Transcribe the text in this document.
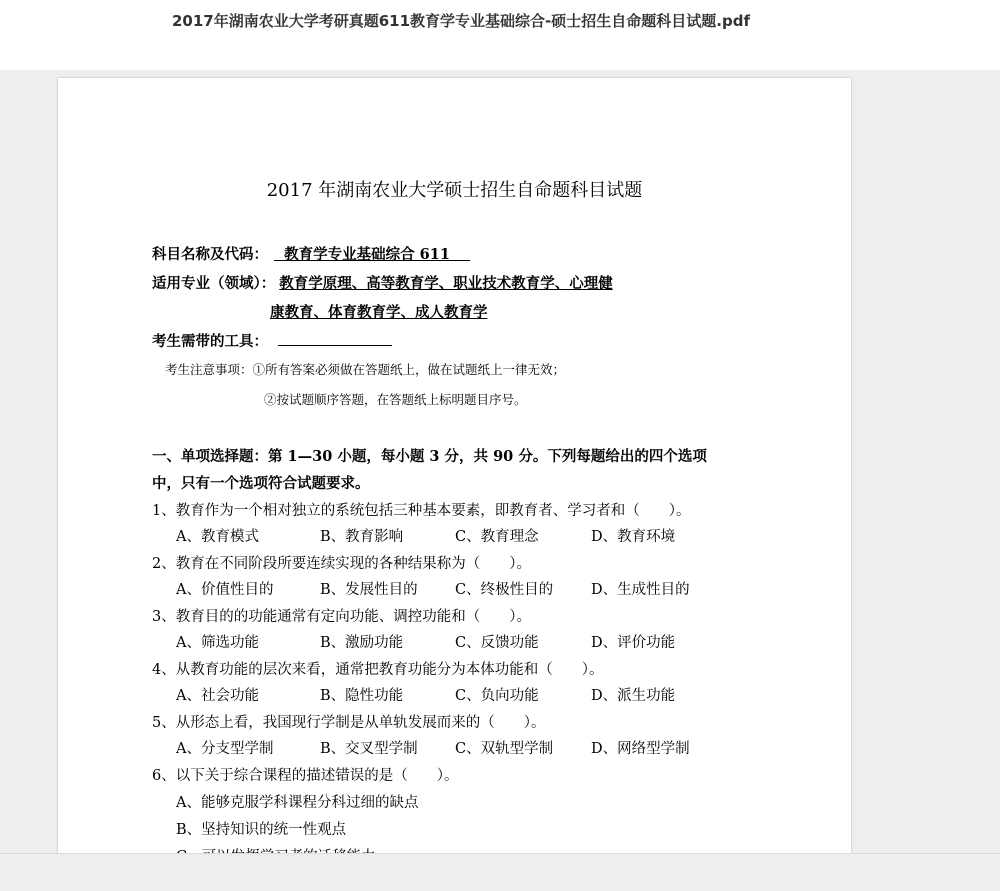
2017年湖南农业大学考研真题611教育学专业基础综合-硕士招生自命题科目试题.pdf
2017 年湖南农业大学硕士招生自命题科目试题
科目名称及代码： 教育学专业基础综合 611
适用专业（领域）： 教育学原理、高等教育学、职业技术教育学、心理健
康教育、体育教育学、成人教育学
考生需带的工具：
考生注意事项：①所有答案必须做在答题纸上，做在试题纸上一律无效；
②按试题顺序答题，在答题纸上标明题目序号。
一、单项选择题：第 1—30 小题，每小题 3 分，共 90 分。下列每题给出的四个选项
中，只有一个选项符合试题要求。
1、教育作为一个相对独立的系统包括三种基本要素，即教育者、学习者和（　　）。
A、教育模式	B、教育影响	C、教育理念	D、教育环境
2、教育在不同阶段所要连续实现的各种结果称为（　　）。
A、价值性目的	B、发展性目的	C、终极性目的	D、生成性目的
3、教育目的的功能通常有定向功能、调控功能和（　　）。
A、筛选功能	B、激励功能	C、反馈功能	D、评价功能
4、从教育功能的层次来看，通常把教育功能分为本体功能和（　　）。
A、社会功能	B、隐性功能	C、负向功能	D、派生功能
5、从形态上看，我国现行学制是从单轨发展而来的（　　）。
A、分支型学制	B、交叉型学制	C、双轨型学制	D、网络型学制
6、以下关于综合课程的描述错误的是（　　）。
A、能够克服学科课程分科过细的缺点
B、坚持知识的统一性观点
